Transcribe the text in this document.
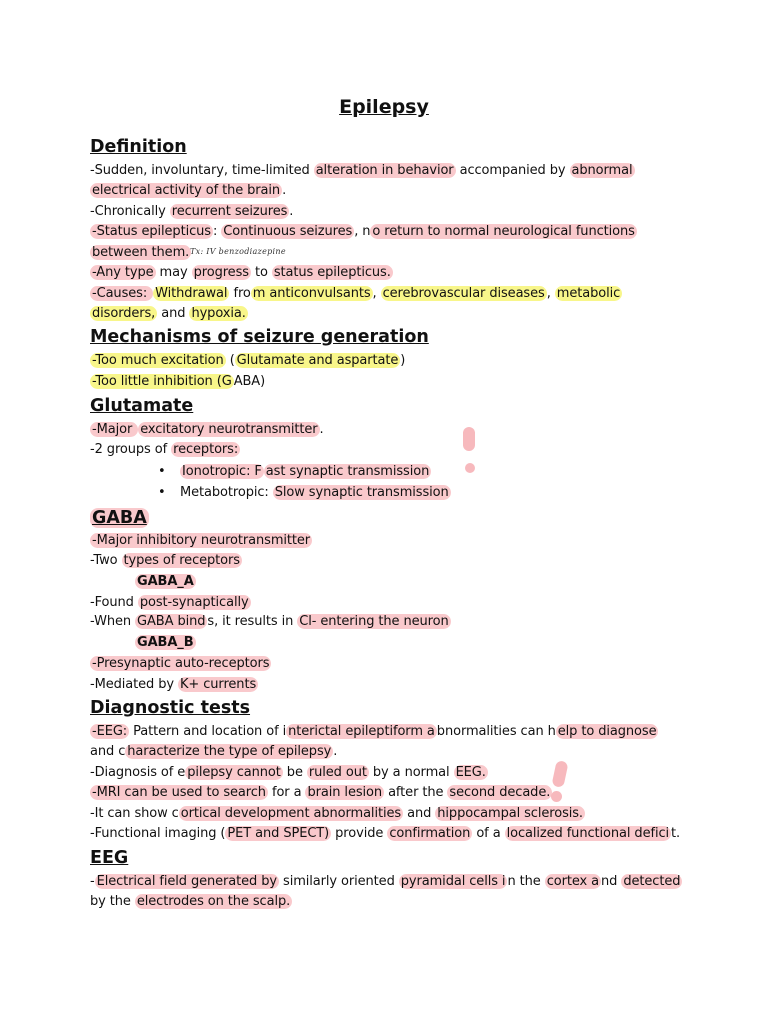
Epilepsy
Definition
-Sudden, involuntary, time-limited alteration in behavior accompanied by abnormal
electrical activity of the brain .
-Chronically recurrent seizures .
-Status epilepticus : Continuous seizures , n o return to normal neurological functions
between them. Tx: IV benzodiazepine
-Any type may progress to status epilepticus.
-Causes: Withdrawal fro m anticonvulsants , cerebrovascular diseases , metabolic
disorders, and hypoxia.
Mechanisms of seizure generation
-Too much excitation ( Glutamate and aspartate )
-Too little inhibition (G ABA)
Glutamate
-Major excitatory neurotransmitter .
-2 groups of receptors:
• Ionotropic: F ast synaptic transmission
• Metabotropic: Slow synaptic transmission
GABA
-Major inhibitory neurotransmitter
-Two types of receptors
GABA_A
-Found post-synaptically
-When GABA bind s, it results in Cl- entering the neuron
GABA_B
-Presynaptic auto-receptors
-Mediated by K+ currents
Diagnostic tests
-EEG: Pattern and location of i nterictal epileptiform a bnormalities can h elp to diagnose
and c haracterize the type of epilepsy .
-Diagnosis of e pilepsy cannot be ruled out by a normal EEG.
-MRI can be used to search for a brain lesion after the second decade.
-It can show c ortical development abnormalities and hippocampal sclerosis.
-Functional imaging ( PET and SPECT) provide confirmation of a localized functional defici t.
EEG
- Electrical field generated by similarly oriented pyramidal cells i n the cortex a nd detected
by the electrodes on the scalp.
